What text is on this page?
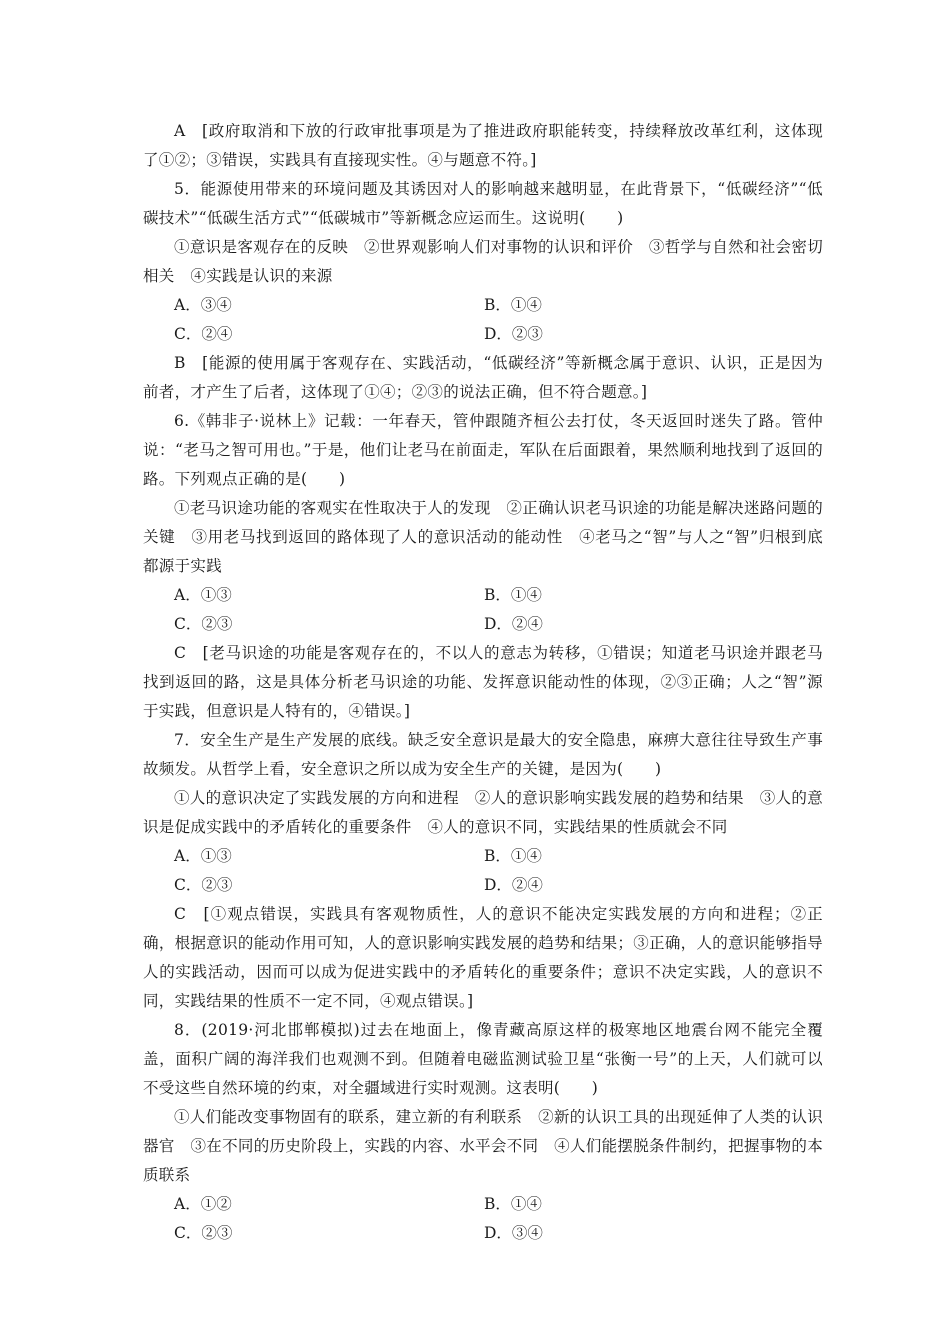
A　[政府取消和下放的行政审批事项是为了推进政府职能转变，持续释放改革红利，这体现了①②；③错误，实践具有直接现实性。④与题意不符。]

5．能源使用带来的环境问题及其诱因对人的影响越来越明显，在此背景下，“低碳经济”“低碳技术”“低碳生活方式”“低碳城市”等新概念应运而生。这说明(　　)

①意识是客观存在的反映　②世界观影响人们对事物的认识和评价　③哲学与自然和社会密切相关　④实践是认识的来源

A．③④	B．①④
C．②④	D．②③

B　[能源的使用属于客观存在、实践活动，“低碳经济”等新概念属于意识、认识，正是因为前者，才产生了后者，这体现了①④；②③的说法正确，但不符合题意。]

6.《韩非子·说林上》记载：一年春天，管仲跟随齐桓公去打仗，冬天返回时迷失了路。管仲说：“老马之智可用也。”于是，他们让老马在前面走，军队在后面跟着，果然顺利地找到了返回的路。下列观点正确的是(　　)

①老马识途功能的客观实在性取决于人的发现　②正确认识老马识途的功能是解决迷路问题的关键　③用老马找到返回的路体现了人的意识活动的能动性　④老马之“智”与人之“智”归根到底都源于实践

A．①③	B．①④
C．②③	D．②④

C　[老马识途的功能是客观存在的，不以人的意志为转移，①错误；知道老马识途并跟老马找到返回的路，这是具体分析老马识途的功能、发挥意识能动性的体现，②③正确；人之“智”源于实践，但意识是人特有的，④错误。]

7．安全生产是生产发展的底线。缺乏安全意识是最大的安全隐患，麻痹大意往往导致生产事故频发。从哲学上看，安全意识之所以成为安全生产的关键，是因为(　　)

①人的意识决定了实践发展的方向和进程　②人的意识影响实践发展的趋势和结果　③人的意识是促成实践中的矛盾转化的重要条件　④人的意识不同，实践结果的性质就会不同

A．①③	B．①④
C．②③	D．②④

C　[①观点错误，实践具有客观物质性，人的意识不能决定实践发展的方向和进程；②正确，根据意识的能动作用可知，人的意识影响实践发展的趋势和结果；③正确，人的意识能够指导人的实践活动，因而可以成为促进实践中的矛盾转化的重要条件；意识不决定实践，人的意识不同，实践结果的性质不一定不同，④观点错误。]

8．(2019·河北邯郸模拟)过去在地面上，像青藏高原这样的极寒地区地震台网不能完全覆盖，面积广阔的海洋我们也观测不到。但随着电磁监测试验卫星“张衡一号”的上天，人们就可以不受这些自然环境的约束，对全疆域进行实时观测。这表明(　　)

①人们能改变事物固有的联系，建立新的有利联系　②新的认识工具的出现延伸了人类的认识器官　③在不同的历史阶段上，实践的内容、水平会不同　④人们能摆脱条件制约，把握事物的本质联系

A．①②	B．①④
C．②③	D．③④
